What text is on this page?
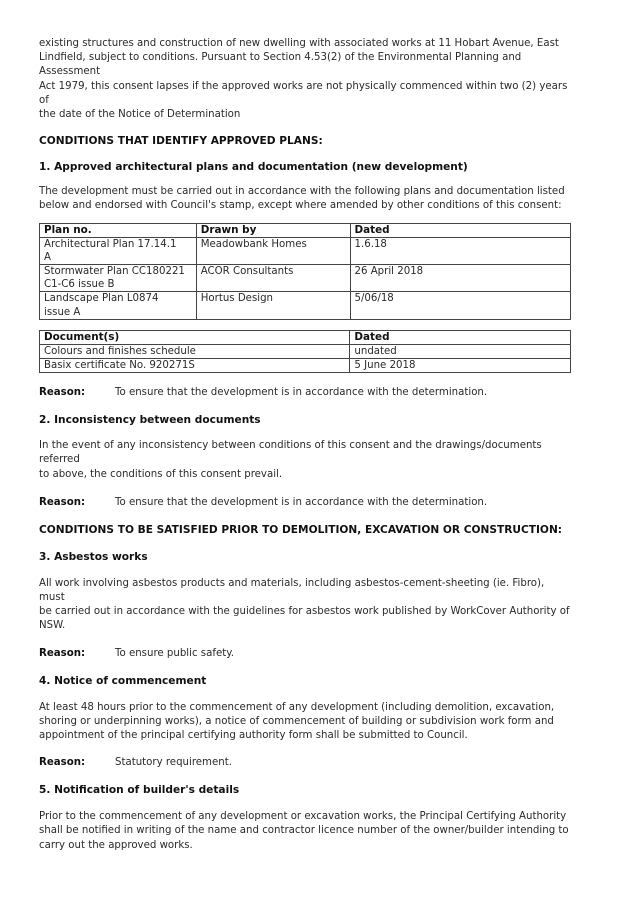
existing structures and construction of new dwelling with associated works at 11 Hobart Avenue, East
Lindfield, subject to conditions. Pursuant to Section 4.53(2) of the Environmental Planning and Assessment
Act 1979, this consent lapses if the approved works are not physically commenced within two (2) years of
the date of the Notice of Determination

CONDITIONS THAT IDENTIFY APPROVED PLANS:

1. Approved architectural plans and documentation (new development)

The development must be carried out in accordance with the following plans and documentation listed
below and endorsed with Council's stamp, except where amended by other conditions of this consent:

Plan no.	Drawn by	Dated
Architectural Plan 17.14.1
A	Meadowbank Homes	1.6.18
Stormwater Plan CC180221
C1-C6 issue B	ACOR Consultants	26 April 2018
Landscape Plan L0874
issue A	Hortus Design	5/06/18
Document(s)	Dated
Colours and finishes schedule	undated
Basix certificate No. 920271S	5 June 2018

Reason:	To ensure that the development is in accordance with the determination.

2. Inconsistency between documents

In the event of any inconsistency between conditions of this consent and the drawings/documents referred
to above, the conditions of this consent prevail.

Reason:	To ensure that the development is in accordance with the determination.

CONDITIONS TO BE SATISFIED PRIOR TO DEMOLITION, EXCAVATION OR CONSTRUCTION:

3. Asbestos works

All work involving asbestos products and materials, including asbestos-cement-sheeting (ie. Fibro), must
be carried out in accordance with the guidelines for asbestos work published by WorkCover Authority of
NSW.

Reason:	To ensure public safety.

4. Notice of commencement

At least 48 hours prior to the commencement of any development (including demolition, excavation,
shoring or underpinning works), a notice of commencement of building or subdivision work form and
appointment of the principal certifying authority form shall be submitted to Council.

Reason:	Statutory requirement.

5. Notification of builder's details

Prior to the commencement of any development or excavation works, the Principal Certifying Authority
shall be notified in writing of the name and contractor licence number of the owner/builder intending to
carry out the approved works.
